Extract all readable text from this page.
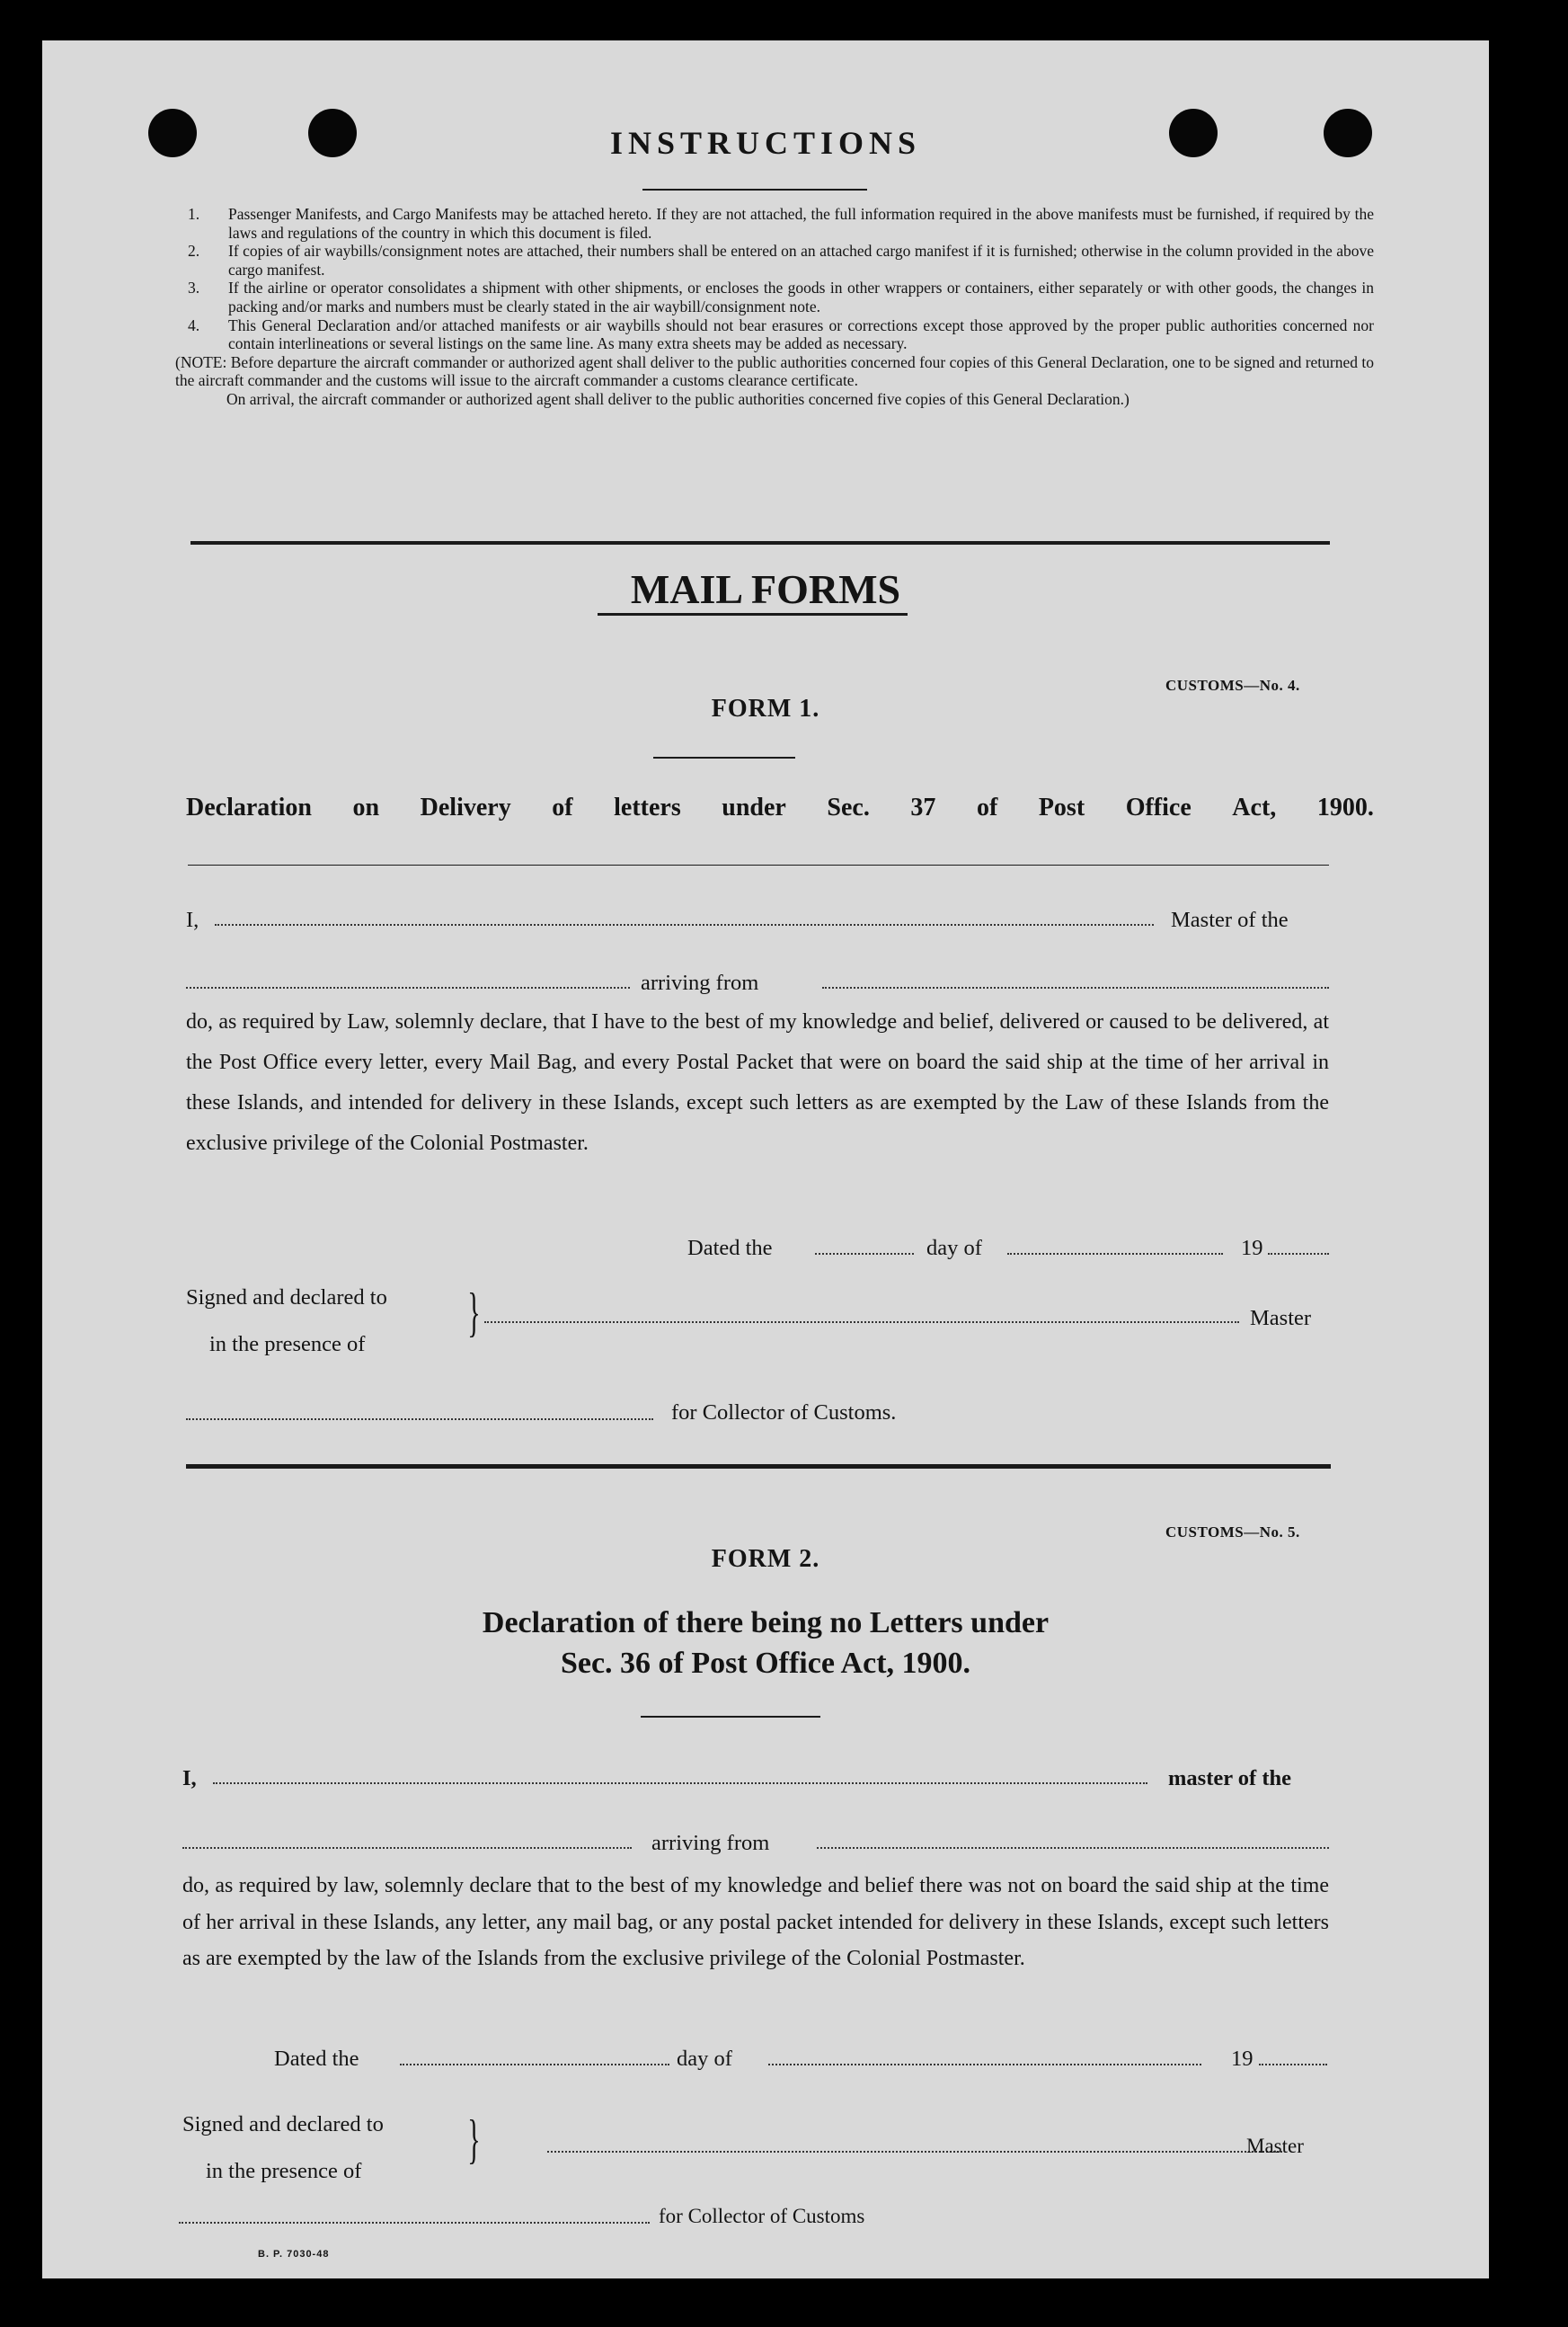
INSTRUCTIONS
1.	Passenger Manifests, and Cargo Manifests may be attached hereto. If they are not attached, the full information required in the above manifests must be furnished, if required by the laws and regulations of the country in which this document is filed.
2.	If copies of air waybills/consignment notes are attached, their numbers shall be entered on an attached cargo manifest if it is furnished; otherwise in the column provided in the above cargo manifest.
3.	If the airline or operator consolidates a shipment with other shipments, or encloses the goods in other wrappers or containers, either separately or with other goods, the changes in packing and/or marks and numbers must be clearly stated in the air waybill/consignment note.
4.	This General Declaration and/or attached manifests or air waybills should not bear erasures or corrections except those approved by the proper public authorities concerned nor contain interlineations or several listings on the same line. As many extra sheets may be added as necessary.
(NOTE: Before departure the aircraft commander or authorized agent shall deliver to the public authorities concerned four copies of this General Declaration, one to be signed and returned to the aircraft commander and the customs will issue to the aircraft commander a customs clearance certificate.
On arrival, the aircraft commander or authorized agent shall deliver to the public authorities concerned five copies of this General Declaration.)
MAIL FORMS
CUSTOMS—No. 4.
FORM 1.
Declaration on Delivery of letters under Sec. 37 of Post Office Act, 1900.
I,	Master of the
arriving from
do, as required by Law, solemnly declare, that I have to the best of my knowledge and belief, delivered or caused to be delivered, at the Post Office every letter, every Mail Bag, and every Postal Packet that were on board the said ship at the time of her arrival in these Islands, and intended for delivery in these Islands, except such letters as are exempted by the Law of these Islands from the exclusive privilege of the Colonial Postmaster.
Dated the	day of	19
Signed and declared to
in the presence of
}	Master
for Collector of Customs.
CUSTOMS—No. 5.
FORM 2.
Declaration of there being no Letters under
Sec. 36 of Post Office Act, 1900.
I,	master of the
arriving from
do, as required by law, solemnly declare that to the best of my knowledge and belief there was not on board the said ship at the time of her arrival in these Islands, any letter, any mail bag, or any postal packet intended for delivery in these Islands, except such letters as are exempted by the law of the Islands from the exclusive privilege of the Colonial Postmaster.
Dated the	day of	19
Signed and declared to
in the presence of
}	Master
for Collector of Customs
B. P. 7030-48
